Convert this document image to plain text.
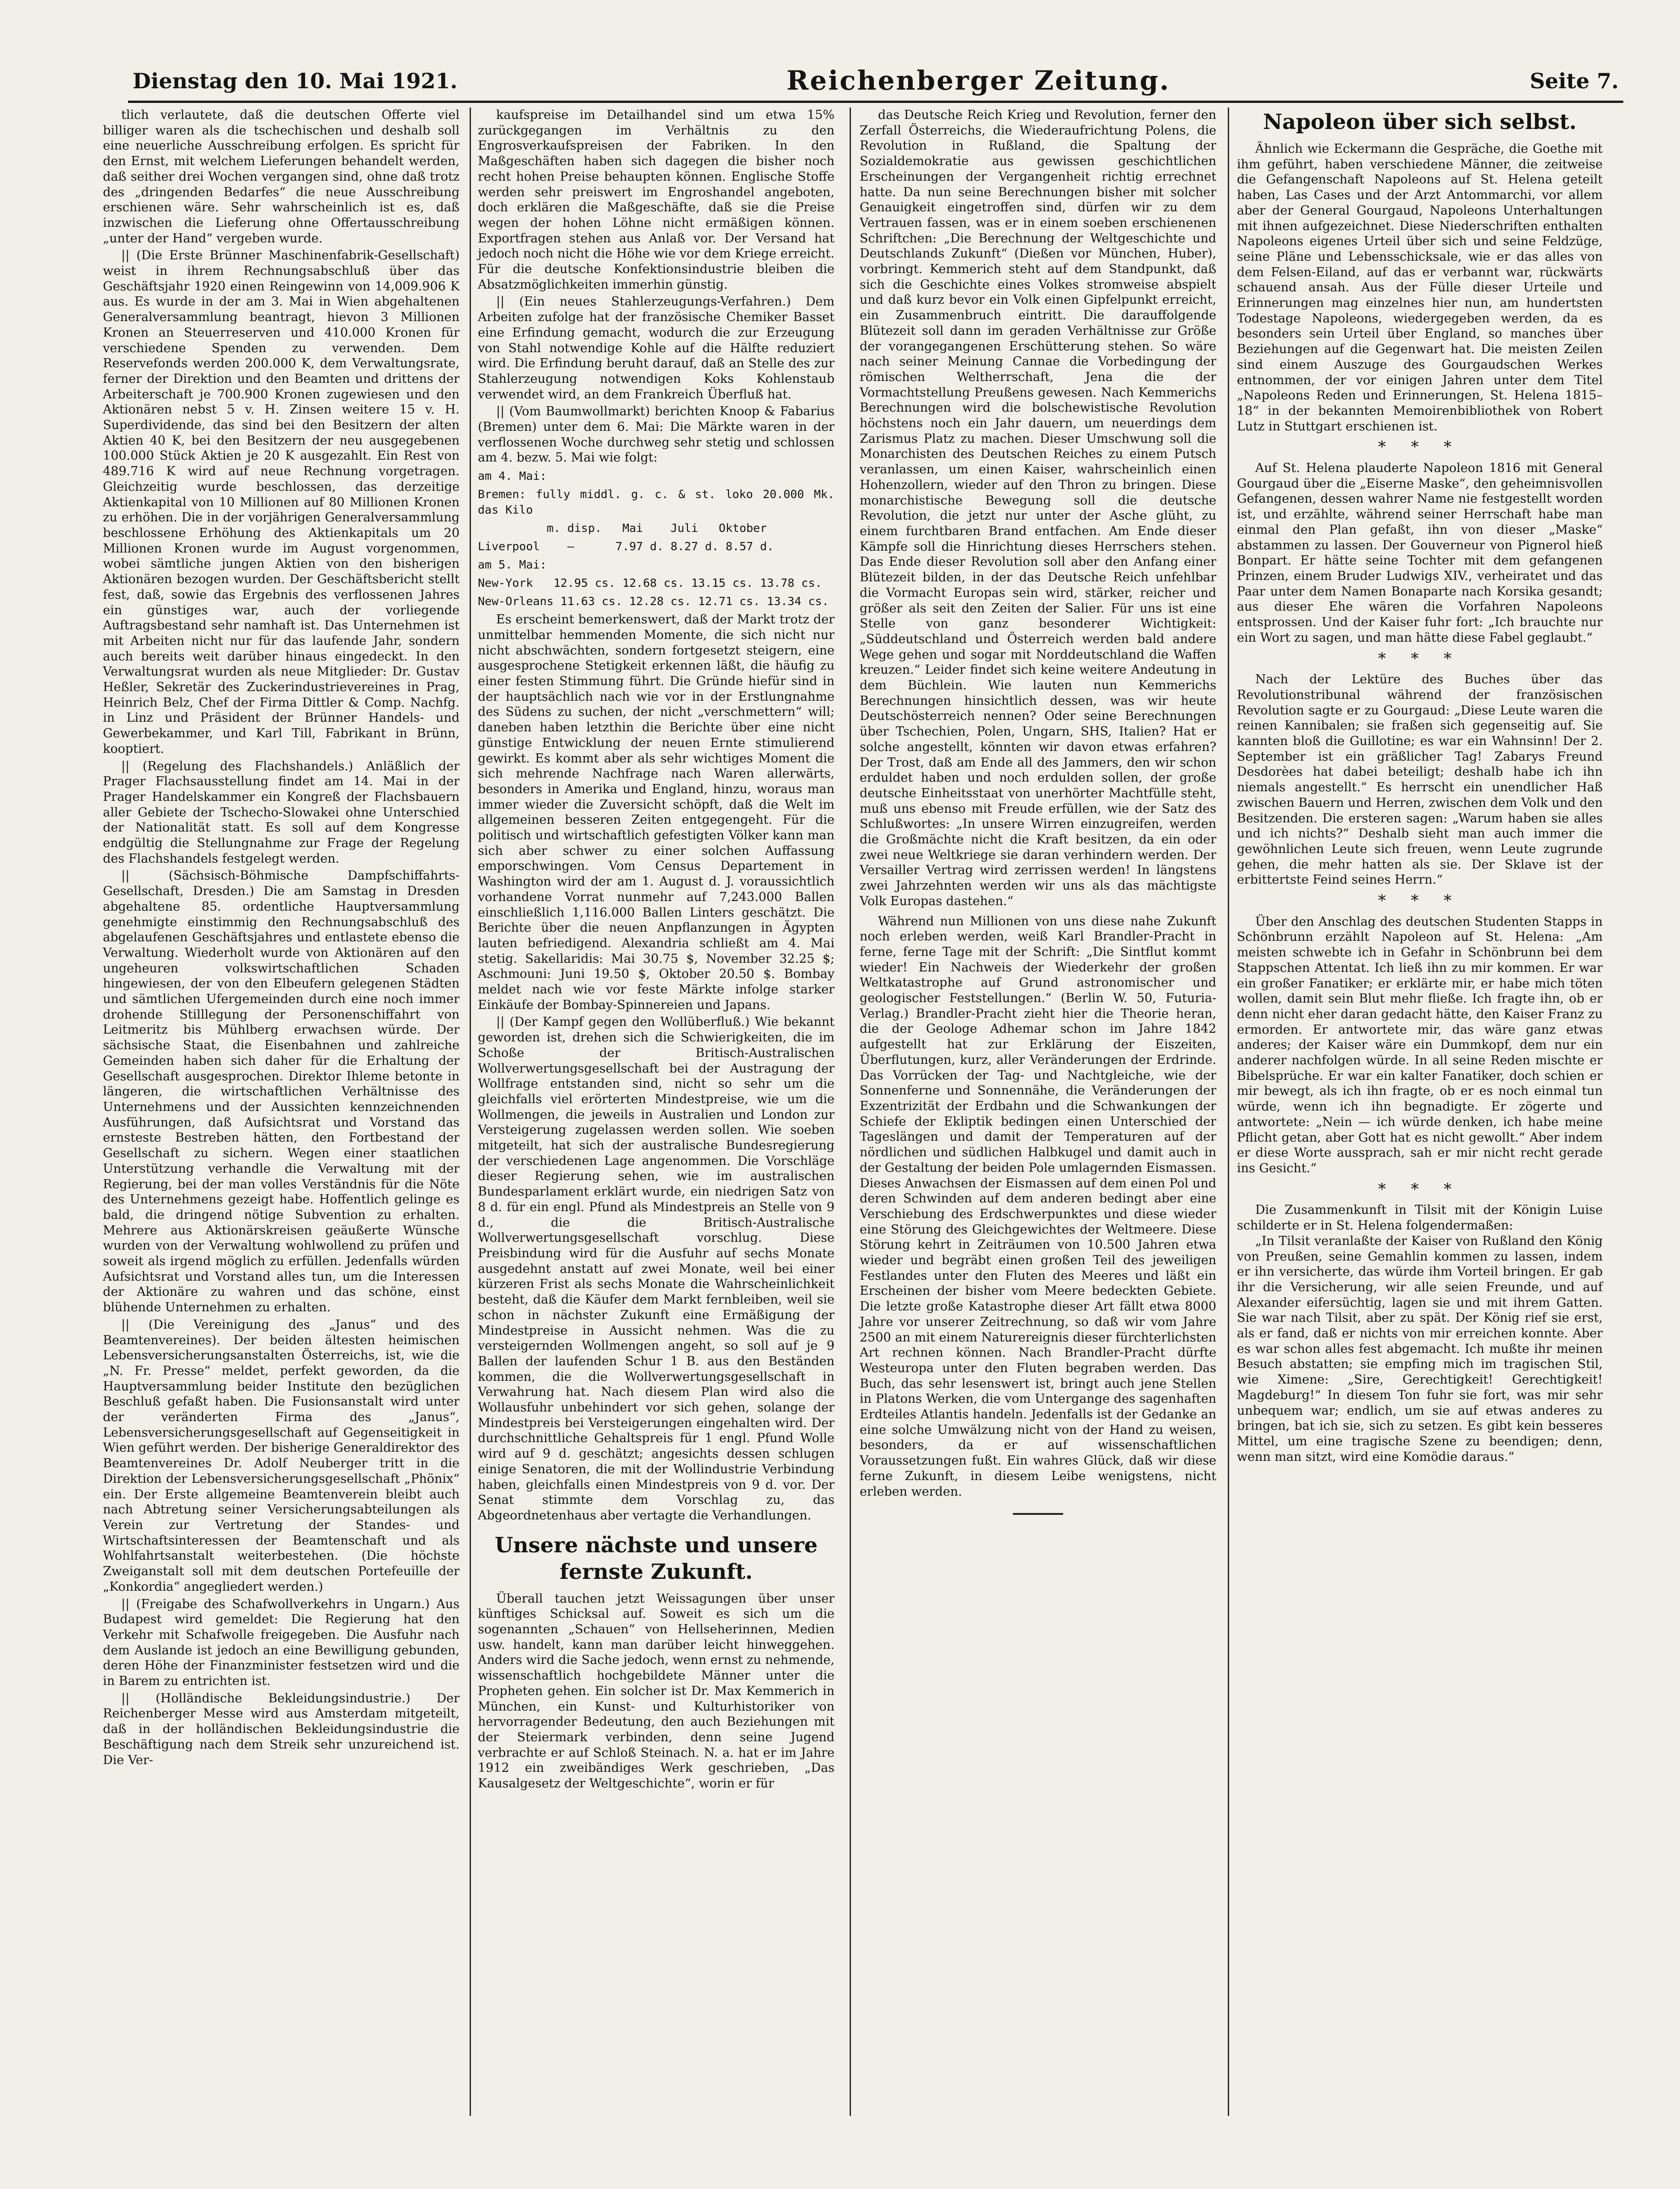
Dienstag den 10. Mai 1921.	Reichenberger Zeitung.	Seite 7.

tlich verlautete, daß die deutschen Offerte viel billiger waren als die tschechischen und deshalb soll eine neuerliche Ausschreibung erfolgen. Es spricht für den Ernst, mit welchem Lieferungen behandelt werden, daß seither drei Wochen vergangen sind, ohne daß trotz des „dringenden Bedarfes“ die neue Ausschreibung erschienen wäre. Sehr wahrscheinlich ist es, daß inzwischen die Lieferung ohne Offertausschreibung „unter der Hand“ vergeben wurde.

|| (Die Erste Brünner Maschinenfabrik-Gesellschaft) weist in ihrem Rechnungsabschluß über das Geschäftsjahr 1920 einen Reingewinn von 14,009.906 K aus. Es wurde in der am 3. Mai in Wien abgehaltenen Generalversammlung beantragt, hievon 3 Millionen Kronen an Steuerreserven und 410.000 Kronen für verschiedene Spenden zu verwenden. Dem Reservefonds werden 200.000 K, dem Verwaltungsrate, ferner der Direktion und den Beamten und drittens der Arbeiterschaft je 700.900 Kronen zugewiesen und den Aktionären nebst 5 v. H. Zinsen weitere 15 v. H. Superdividende, das sind bei den Besitzern der alten Aktien 40 K, bei den Besitzern der neu ausgegebenen 100.000 Stück Aktien je 20 K ausgezahlt. Ein Rest von 489.716 K wird auf neue Rechnung vorgetragen. Gleichzeitig wurde beschlossen, das derzeitige Aktienkapital von 10 Millionen auf 80 Millionen Kronen zu erhöhen. Die in der vorjährigen Generalversammlung beschlossene Erhöhung des Aktienkapitals um 20 Millionen Kronen wurde im August vorgenommen, wobei sämtliche jungen Aktien von den bisherigen Aktionären bezogen wurden. Der Geschäftsbericht stellt fest, daß, sowie das Ergebnis des verflossenen Jahres ein günstiges war, auch der vorliegende Auftragsbestand sehr namhaft ist. Das Unternehmen ist mit Arbeiten nicht nur für das laufende Jahr, sondern auch bereits weit darüber hinaus eingedeckt. In den Verwaltungsrat wurden als neue Mitglieder: Dr. Gustav Heßler, Sekretär des Zuckerindustrievereines in Prag, Heinrich Belz, Chef der Firma Dittler & Comp. Nachfg. in Linz und Präsident der Brünner Handels- und Gewerbekammer, und Karl Till, Fabrikant in Brünn, kooptiert.

|| (Regelung des Flachshandels.) Anläßlich der Prager Flachsausstellung findet am 14. Mai in der Prager Handelskammer ein Kongreß der Flachsbauern aller Gebiete der Tschecho-Slowakei ohne Unterschied der Nationalität statt. Es soll auf dem Kongresse endgültig die Stellungnahme zur Frage der Regelung des Flachshandels festgelegt werden.

|| (Sächsisch-Böhmische Dampfschiffahrts-Gesellschaft, Dresden.) Die am Samstag in Dresden abgehaltene 85. ordentliche Hauptversammlung genehmigte einstimmig den Rechnungsabschluß des abgelaufenen Geschäftsjahres und entlastete ebenso die Verwaltung. Wiederholt wurde von Aktionären auf den ungeheuren volkswirtschaftlichen Schaden hingewiesen, der von den Elbeufern gelegenen Städten und sämtlichen Ufergemeinden durch eine noch immer drohende Stilllegung der Personenschiffahrt von Leitmeritz bis Mühlberg erwachsen würde. Der sächsische Staat, die Eisenbahnen und zahlreiche Gemeinden haben sich daher für die Erhaltung der Gesellschaft ausgesprochen. Direktor Ihleme betonte in längeren, die wirtschaftlichen Verhältnisse des Unternehmens und der Aussichten kennzeichnenden Ausführungen, daß Aufsichtsrat und Vorstand das ernsteste Bestreben hätten, den Fortbestand der Gesellschaft zu sichern. Wegen einer staatlichen Unterstützung verhandle die Verwaltung mit der Regierung, bei der man volles Verständnis für die Nöte des Unternehmens gezeigt habe. Hoffentlich gelinge es bald, die dringend nötige Subvention zu erhalten. Mehrere aus Aktionärskreisen geäußerte Wünsche wurden von der Verwaltung wohlwollend zu prüfen und soweit als irgend möglich zu erfüllen. Jedenfalls würden Aufsichtsrat und Vorstand alles tun, um die Interessen der Aktionäre zu wahren und das schöne, einst blühende Unternehmen zu erhalten.

|| (Die Vereinigung des „Janus“ und des Beamtenvereines). Der beiden ältesten heimischen Lebensversicherungsanstalten Österreichs, ist, wie die „N. Fr. Presse“ meldet, perfekt geworden, da die Hauptversammlung beider Institute den bezüglichen Beschluß gefaßt haben. Die Fusionsanstalt wird unter der veränderten Firma des „Janus“, Lebensversicherungsgesellschaft auf Gegenseitigkeit in Wien geführt werden. Der bisherige Generaldirektor des Beamtenvereines Dr. Adolf Neuberger tritt in die Direktion der Lebensversicherungsgesellschaft „Phönix“ ein. Der Erste allgemeine Beamtenverein bleibt auch nach Abtretung seiner Versicherungsabteilungen als Verein zur Vertretung der Standes- und Wirtschaftsinteressen der Beamtenschaft und als Wohlfahrtsanstalt weiterbestehen. (Die höchste Zweiganstalt soll mit dem deutschen Portefeuille der „Konkordia“ angegliedert werden.)

|| (Freigabe des Schafwollverkehrs in Ungarn.) Aus Budapest wird gemeldet: Die Regierung hat den Verkehr mit Schafwolle freigegeben. Die Ausfuhr nach dem Auslande ist jedoch an eine Bewilligung gebunden, deren Höhe der Finanzminister festsetzen wird und die in Barem zu entrichten ist.

|| (Holländische Bekleidungsindustrie.) Der Reichenberger Messe wird aus Amsterdam mitgeteilt, daß in der holländischen Bekleidungsindustrie die Beschäftigung nach dem Streik sehr unzureichend ist. Die Ver-

kaufspreise im Detailhandel sind um etwa 15% zurückgegangen im Verhältnis zu den Engrosverkaufspreisen der Fabriken. In den Maßgeschäften haben sich dagegen die bisher noch recht hohen Preise behaupten können. Englische Stoffe werden sehr preiswert im Engroshandel angeboten, doch erklären die Maßgeschäfte, daß sie die Preise wegen der hohen Löhne nicht ermäßigen können. Exportfragen stehen aus Anlaß vor. Der Versand hat jedoch noch nicht die Höhe wie vor dem Kriege erreicht. Für die deutsche Konfektionsindustrie bleiben die Absatzmöglichkeiten immerhin günstig.

|| (Ein neues Stahlerzeugungs-Verfahren.) Dem Arbeiten zufolge hat der französische Chemiker Basset eine Erfindung gemacht, wodurch die zur Erzeugung von Stahl notwendige Kohle auf die Hälfte reduziert wird. Die Erfindung beruht darauf, daß an Stelle des zur Stahlerzeugung notwendigen Koks Kohlenstaub verwendet wird, an dem Frankreich Überfluß hat.

|| (Vom Baumwollmarkt) berichten Knoop & Fabarius (Bremen) unter dem 6. Mai: Die Märkte waren in der verflossenen Woche durchweg sehr stetig und schlossen am 4. bezw. 5. Mai wie folgt:

am 4. Mai:
Bremen: fully middl. g. c. & st. loko 20.000 Mk. das Kilo
m. disp.   Mai    Juli   Oktober
Liverpool    —      7.97 d. 8.27 d. 8.57 d.
am 5. Mai:
New-York   12.95 cs. 12.68 cs. 13.15 cs. 13.78 cs.
New-Orleans 11.63 cs. 12.28 cs. 12.71 cs. 13.34 cs.

Es erscheint bemerkenswert, daß der Markt trotz der unmittelbar hemmenden Momente, die sich nicht nur nicht abschwächten, sondern fortgesetzt steigern, eine ausgesprochene Stetigkeit erkennen läßt, die häufig zu einer festen Stimmung führt. Die Gründe hiefür sind in der hauptsächlich nach wie vor in der Erstlungnahme des Südens zu suchen, der nicht „verschmettern“ will; daneben haben letzthin die Berichte über eine nicht günstige Entwicklung der neuen Ernte stimulierend gewirkt. Es kommt aber als sehr wichtiges Moment die sich mehrende Nachfrage nach Waren allerwärts, besonders in Amerika und England, hinzu, woraus man immer wieder die Zuversicht schöpft, daß die Welt im allgemeinen besseren Zeiten entgegengeht. Für die politisch und wirtschaftlich gefestigten Völker kann man sich aber schwer zu einer solchen Auffassung emporschwingen. Vom Census Departement in Washington wird der am 1. August d. J. voraussichtlich vorhandene Vorrat nunmehr auf 7,243.000 Ballen einschließlich 1,116.000 Ballen Linters geschätzt. Die Berichte über die neuen Anpflanzungen in Ägypten lauten befriedigend. Alexandria schließt am 4. Mai stetig. Sakellaridis: Mai 30.75 $, November 32.25 $; Aschmouni: Juni 19.50 $, Oktober 20.50 $. Bombay meldet nach wie vor feste Märkte infolge starker Einkäufe der Bombay-Spinnereien und Japans.

|| (Der Kampf gegen den Wollüberfluß.) Wie bekannt geworden ist, drehen sich die Schwierigkeiten, die im Schoße der Britisch-Australischen Wollverwertungsgesellschaft bei der Austragung der Wollfrage entstanden sind, nicht so sehr um die gleichfalls viel erörterten Mindestpreise, wie um die Wollmengen, die jeweils in Australien und London zur Versteigerung zugelassen werden sollen. Wie soeben mitgeteilt, hat sich der australische Bundesregierung der verschiedenen Lage angenommen. Die Vorschläge dieser Regierung sehen, wie im australischen Bundesparlament erklärt wurde, ein niedrigen Satz von 8 d. für ein engl. Pfund als Mindestpreis an Stelle von 9 d., die die Britisch-Australische Wollverwertungsgesellschaft vorschlug. Diese Preisbindung wird für die Ausfuhr auf sechs Monate ausgedehnt anstatt auf zwei Monate, weil bei einer kürzeren Frist als sechs Monate die Wahrscheinlichkeit besteht, daß die Käufer dem Markt fernbleiben, weil sie schon in nächster Zukunft eine Ermäßigung der Mindestpreise in Aussicht nehmen. Was die zu versteigernden Wollmengen angeht, so soll auf je 9 Ballen der laufenden Schur 1 B. aus den Beständen kommen, die die Wollverwertungsgesellschaft in Verwahrung hat. Nach diesem Plan wird also die Wollausfuhr unbehindert vor sich gehen, solange der Mindestpreis bei Versteigerungen eingehalten wird. Der durchschnittliche Gehaltspreis für 1 engl. Pfund Wolle wird auf 9 d. geschätzt; angesichts dessen schlugen einige Senatoren, die mit der Wollindustrie Verbindung haben, gleichfalls einen Mindestpreis von 9 d. vor. Der Senat stimmte dem Vorschlag zu, das Abgeordnetenhaus aber vertagte die Verhandlungen.

Unsere nächste und unsere fernste Zukunft.

Überall tauchen jetzt Weissagungen über unser künftiges Schicksal auf. Soweit es sich um die sogenannten „Schauen“ von Hellseherinnen, Medien usw. handelt, kann man darüber leicht hinweggehen. Anders wird die Sache jedoch, wenn ernst zu nehmende, wissenschaftlich hochgebildete Männer unter die Propheten gehen. Ein solcher ist Dr. Max Kemmerich in München, ein Kunst- und Kulturhistoriker von hervorragender Bedeutung, den auch Beziehungen mit der Steiermark verbinden, denn seine Jugend verbrachte er auf Schloß Steinach. N. a. hat er im Jahre 1912 ein zweibändiges Werk geschrieben, „Das Kausalgesetz der Weltgeschichte“, worin er für

das Deutsche Reich Krieg und Revolution, ferner den Zerfall Österreichs, die Wiederaufrichtung Polens, die Revolution in Rußland, die Spaltung der Sozialdemokratie aus gewissen geschichtlichen Erscheinungen der Vergangenheit richtig errechnet hatte. Da nun seine Berechnungen bisher mit solcher Genauigkeit eingetroffen sind, dürfen wir zu dem Vertrauen fassen, was er in einem soeben erschienenen Schriftchen: „Die Berechnung der Weltgeschichte und Deutschlands Zukunft“ (Dießen vor München, Huber), vorbringt. Kemmerich steht auf dem Standpunkt, daß sich die Geschichte eines Volkes stromweise abspielt und daß kurz bevor ein Volk einen Gipfelpunkt erreicht, ein Zusammenbruch eintritt. Die darauffolgende Blütezeit soll dann im geraden Verhältnisse zur Größe der vorangegangenen Erschütterung stehen. So wäre nach seiner Meinung Cannae die Vorbedingung der römischen Weltherrschaft, Jena die der Vormachtstellung Preußens gewesen. Nach Kemmerichs Berechnungen wird die bolschewistische Revolution höchstens noch ein Jahr dauern, um neuerdings dem Zarismus Platz zu machen. Dieser Umschwung soll die Monarchisten des Deutschen Reiches zu einem Putsch veranlassen, um einen Kaiser, wahrscheinlich einen Hohenzollern, wieder auf den Thron zu bringen. Diese monarchistische Bewegung soll die deutsche Revolution, die jetzt nur unter der Asche glüht, zu einem furchtbaren Brand entfachen. Am Ende dieser Kämpfe soll die Hinrichtung dieses Herrschers stehen. Das Ende dieser Revolution soll aber den Anfang einer Blütezeit bilden, in der das Deutsche Reich unfehlbar die Vormacht Europas sein wird, stärker, reicher und größer als seit den Zeiten der Salier. Für uns ist eine Stelle von ganz besonderer Wichtigkeit: „Süddeutschland und Österreich werden bald andere Wege gehen und sogar mit Norddeutschland die Waffen kreuzen.“ Leider findet sich keine weitere Andeutung in dem Büchlein. Wie lauten nun Kemmerichs Berechnungen hinsichtlich dessen, was wir heute Deutschösterreich nennen? Oder seine Berechnungen über Tschechien, Polen, Ungarn, SHS, Italien? Hat er solche angestellt, könnten wir davon etwas erfahren? Der Trost, daß am Ende all des Jammers, den wir schon erduldet haben und noch erdulden sollen, der große deutsche Einheitsstaat von unerhörter Machtfülle steht, muß uns ebenso mit Freude erfüllen, wie der Satz des Schlußwortes: „In unsere Wirren einzugreifen, werden die Großmächte nicht die Kraft besitzen, da ein oder zwei neue Weltkriege sie daran verhindern werden. Der Versailler Vertrag wird zerrissen werden! In längstens zwei Jahrzehnten werden wir uns als das mächtigste Volk Europas dastehen.“

Während nun Millionen von uns diese nahe Zukunft noch erleben werden, weiß Karl Brandler-Pracht in ferne, ferne Tage mit der Schrift: „Die Sintflut kommt wieder! Ein Nachweis der Wiederkehr der großen Weltkatastrophe auf Grund astronomischer und geologischer Feststellungen.“ (Berlin W. 50, Futuria-Verlag.) Brandler-Pracht zieht hier die Theorie heran, die der Geologe Adhemar schon im Jahre 1842 aufgestellt hat zur Erklärung der Eiszeiten, Überflutungen, kurz, aller Veränderungen der Erdrinde. Das Vorrücken der Tag- und Nachtgleiche, wie der Sonnenferne und Sonnennähe, die Veränderungen der Exzentrizität der Erdbahn und die Schwankungen der Schiefe der Ekliptik bedingen einen Unterschied der Tageslängen und damit der Temperaturen auf der nördlichen und südlichen Halbkugel und damit auch in der Gestaltung der beiden Pole umlagernden Eismassen. Dieses Anwachsen der Eismassen auf dem einen Pol und deren Schwinden auf dem anderen bedingt aber eine Verschiebung des Erdschwerpunktes und diese wieder eine Störung des Gleichgewichtes der Weltmeere. Diese Störung kehrt in Zeiträumen von 10.500 Jahren etwa wieder und begräbt einen großen Teil des jeweiligen Festlandes unter den Fluten des Meeres und läßt ein Erscheinen der bisher vom Meere bedeckten Gebiete. Die letzte große Katastrophe dieser Art fällt etwa 8000 Jahre vor unserer Zeitrechnung, so daß wir vom Jahre 2500 an mit einem Naturereignis dieser fürchterlichsten Art rechnen können. Nach Brandler-Pracht dürfte Westeuropa unter den Fluten begraben werden. Das Buch, das sehr lesenswert ist, bringt auch jene Stellen in Platons Werken, die vom Untergange des sagenhaften Erdteiles Atlantis handeln. Jedenfalls ist der Gedanke an eine solche Umwälzung nicht von der Hand zu weisen, besonders, da er auf wissenschaftlichen Voraussetzungen fußt. Ein wahres Glück, daß wir diese ferne Zukunft, in diesem Leibe wenigstens, nicht erleben werden.

Napoleon über sich selbst.

Ähnlich wie Eckermann die Gespräche, die Goethe mit ihm geführt, haben verschiedene Männer, die zeitweise die Gefangenschaft Napoleons auf St. Helena geteilt haben, Las Cases und der Arzt Antommarchi, vor allem aber der General Gourgaud, Napoleons Unterhaltungen mit ihnen aufgezeichnet. Diese Niederschriften enthalten Napoleons eigenes Urteil über sich und seine Feldzüge, seine Pläne und Lebensschicksale, wie er das alles von dem Felsen-Eiland, auf das er verbannt war, rückwärts schauend ansah. Aus der Fülle dieser Urteile und Erinnerungen mag einzelnes hier nun, am hundertsten Todestage Napoleons, wiedergegeben werden, da es besonders sein Urteil über England, so manches über Beziehungen auf die Gegenwart hat. Die meisten Zeilen sind einem Auszuge des Gourgaudschen Werkes entnommen, der vor einigen Jahren unter dem Titel „Napoleons Reden und Erinnerungen, St. Helena 1815–18“ in der bekannten Memoirenbibliothek von Robert Lutz in Stuttgart erschienen ist.

* * *

Auf St. Helena plauderte Napoleon 1816 mit General Gourgaud über die „Eiserne Maske“, den geheimnisvollen Gefangenen, dessen wahrer Name nie festgestellt worden ist, und erzählte, während seiner Herrschaft habe man einmal den Plan gefaßt, ihn von dieser „Maske“ abstammen zu lassen. Der Gouverneur von Pignerol hieß Bonpart. Er hätte seine Tochter mit dem gefangenen Prinzen, einem Bruder Ludwigs XIV., verheiratet und das Paar unter dem Namen Bonaparte nach Korsika gesandt; aus dieser Ehe wären die Vorfahren Napoleons entsprossen. Und der Kaiser fuhr fort: „Ich brauchte nur ein Wort zu sagen, und man hätte diese Fabel geglaubt.“

* * *

Nach der Lektüre des Buches über das Revolutionstribunal während der französischen Revolution sagte er zu Gourgaud: „Diese Leute waren die reinen Kannibalen; sie fraßen sich gegenseitig auf. Sie kannten bloß die Guillotine; es war ein Wahnsinn! Der 2. September ist ein gräßlicher Tag! Zabarys Freund Desdorèes hat dabei beteiligt; deshalb habe ich ihn niemals angestellt.“ Es herrscht ein unendlicher Haß zwischen Bauern und Herren, zwischen dem Volk und den Besitzenden. Die ersteren sagen: „Warum haben sie alles und ich nichts?“ Deshalb sieht man auch immer die gewöhnlichen Leute sich freuen, wenn Leute zugrunde gehen, die mehr hatten als sie. Der Sklave ist der erbittertste Feind seines Herrn.“

* * *

Über den Anschlag des deutschen Studenten Stapps in Schönbrunn erzählt Napoleon auf St. Helena: „Am meisten schwebte ich in Gefahr in Schönbrunn bei dem Stappschen Attentat. Ich ließ ihn zu mir kommen. Er war ein großer Fanatiker; er erklärte mir, er habe mich töten wollen, damit sein Blut mehr fließe. Ich fragte ihn, ob er denn nicht eher daran gedacht hätte, den Kaiser Franz zu ermorden. Er antwortete mir, das wäre ganz etwas anderes; der Kaiser wäre ein Dummkopf, dem nur ein anderer nachfolgen würde. In all seine Reden mischte er Bibelsprüche. Er war ein kalter Fanatiker, doch schien er mir bewegt, als ich ihn fragte, ob er es noch einmal tun würde, wenn ich ihn begnadigte. Er zögerte und antwortete: „Nein — ich würde denken, ich habe meine Pflicht getan, aber Gott hat es nicht gewollt.“ Aber indem er diese Worte aussprach, sah er mir nicht recht gerade ins Gesicht.“

* * *

Die Zusammenkunft in Tilsit mit der Königin Luise schilderte er in St. Helena folgendermaßen:

„In Tilsit veranlaßte der Kaiser von Rußland den König von Preußen, seine Gemahlin kommen zu lassen, indem er ihn versicherte, das würde ihm Vorteil bringen. Er gab ihr die Versicherung, wir alle seien Freunde, und auf Alexander eifersüchtig, lagen sie und mit ihrem Gatten. Sie war nach Tilsit, aber zu spät. Der König rief sie erst, als er fand, daß er nichts von mir erreichen konnte. Aber es war schon alles fest abgemacht. Ich mußte ihr meinen Besuch abstatten; sie empfing mich im tragischen Stil, wie Ximene: „Sire, Gerechtigkeit! Gerechtigkeit! Magdeburg!“ In diesem Ton fuhr sie fort, was mir sehr unbequem war; endlich, um sie auf etwas anderes zu bringen, bat ich sie, sich zu setzen. Es gibt kein besseres Mittel, um eine tragische Szene zu beendigen; denn, wenn man sitzt, wird eine Komödie daraus.“
